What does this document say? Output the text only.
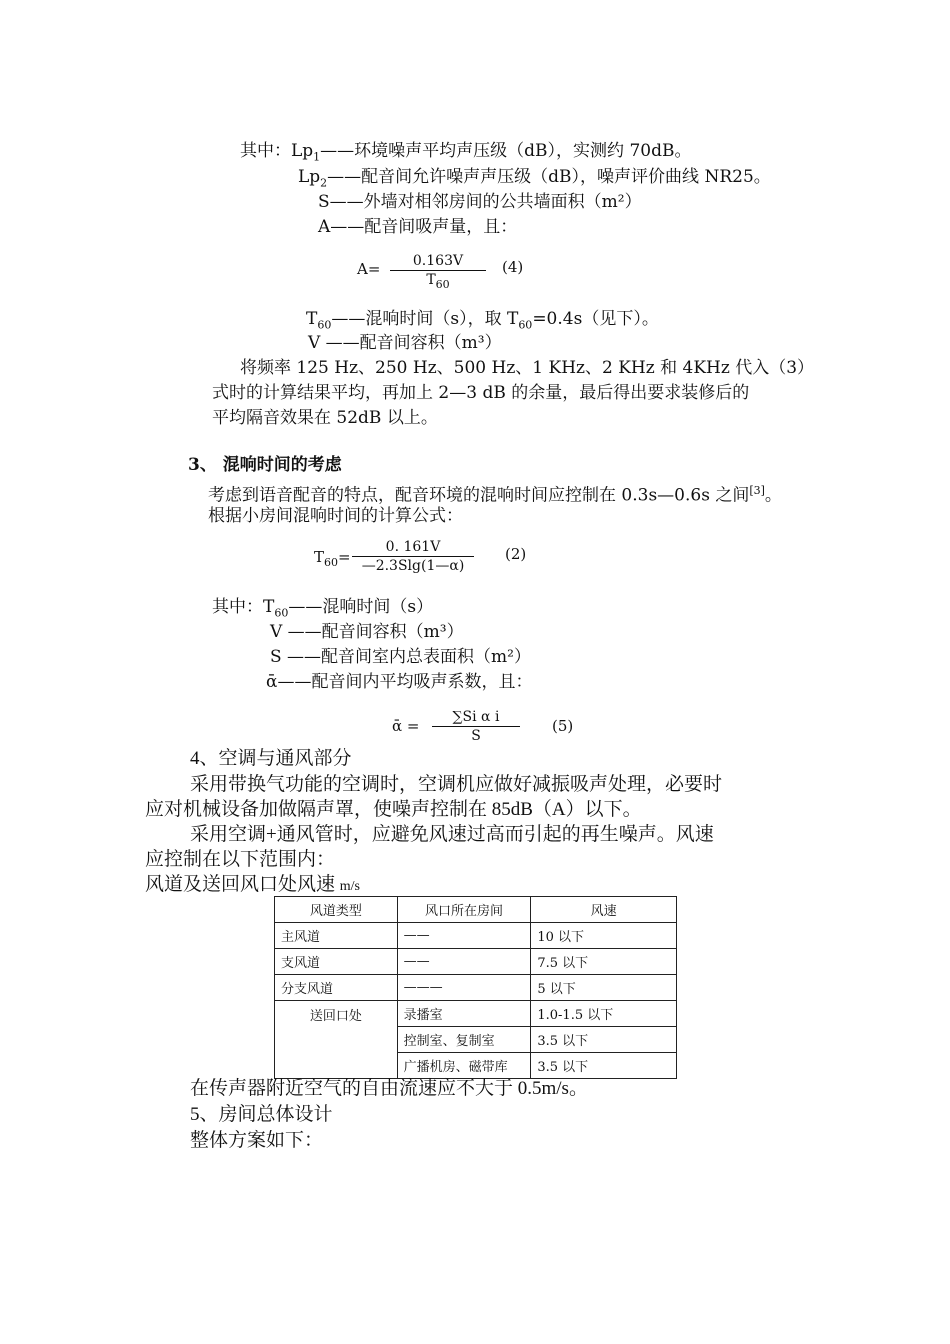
其中：$Lp_1——$环境噪声平均声压级（dB），实测约 70dB。
$Lp_2——$配音间允许噪声声压级（dB），噪声评价曲线 NR25。
S——外墙对相邻房间的公共墙面积（m²）
A——配音间吸声量，且：
$A= \frac{0.163V}{T_{60}} (4)$
$T_{60}——$混响时间（s），取 $T_{60}=0.4s$（见下）。
V ——配音间容积（m³）
将频率 125 Hz、250 Hz、500 Hz、1 KHz、2 KHz 和 4KHz 代入（3）
式时的计算结果平均，再加上 2—3 dB 的余量，最后得出要求装修后的
平均隔音效果在 52dB 以上。
3、 混响时间的考虑
考虑到语音配音的特点，配音环境的混响时间应控制在 0.3s—0.6s 之间[3]。
根据小房间混响时间的计算公式：
$T_{60}= \frac{0. 161V}{—2.3Slg(1—\alpha)} (2)$
其中：$T_{60}——$混响时间（s）
V ——配音间容积（m³）
S ——配音间室内总表面积（m²）
ᾱ——配音间内平均吸声系数，且：
ᾱ = $\frac{\text{∑Si α i}}{S} (5)$
4、空调与通风部分
采用带换气功能的空调时，空调机应做好减振吸声处理，必要时
应对机械设备加做隔声罩，使噪声控制在 85dB（A）以下。
采用空调+通风管时，应避免风速过高而引起的再生噪声。风速
应控制在以下范围内：
风道及送回风口处风速 m/s
风道类型	风口所在房间	风速
主风道	——	10 以下
支风道	——	7.5 以下
分支风道	———	5 以下
送回口处	录播室	1.0-1.5 以下
	控制室、复制室	3.5 以下
	广播机房、磁带库	3.5 以下
在传声器附近空气的自由流速应不大于 0.5m/s。
5、房间总体设计
整体方案如下：
